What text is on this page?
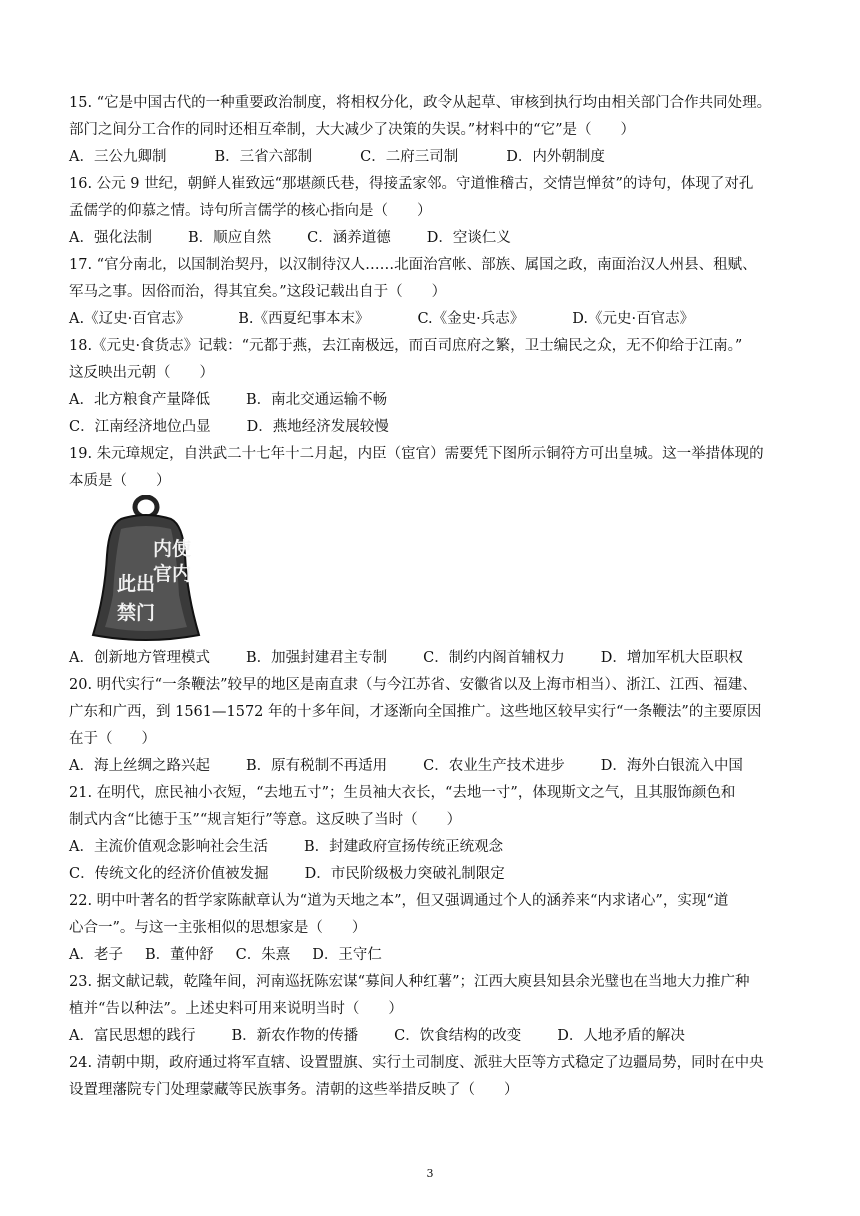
15. “它是中国古代的一种重要政治制度，将相权分化，政令从起草、审核到执行均由相关部门合作共同处理。
部门之间分工合作的同时还相互牵制，大大减少了决策的失误。”材料中的“它”是（　　）
A．三公九卿制	B．三省六部制	C．二府三司制	D．内外朝制度
16. 公元 9 世纪，朝鲜人崔致远“那堪颜氏巷，得接孟家邻。守道惟稽古，交情岂惮贫”的诗句，体现了对孔
孟儒学的仰慕之情。诗句所言儒学的核心指向是（　　）
A．强化法制 B．顺应自然 C．涵养道德 D．空谈仁义
17. “官分南北，以国制治契丹，以汉制待汉人……北面治宫帐、部族、属国之政，南面治汉人州县、租赋、
军马之事。因俗而治，得其宜矣。”这段记载出自于（　　）
A.《辽史·百官志》	B.《西夏纪事本末》	C.《金史·兵志》	D.《元史·百官志》
18.《元史·食货志》记载：“元都于燕，去江南极远，而百司庶府之繁，卫士编民之众，无不仰给于江南。”
这反映出元朝（　　）
A．北方粮食产量降低 B．南北交通运输不畅
C．江南经济地位凸显 D．燕地经济发展较慢
19. 朱元璋规定，自洪武二十七年十二月起，内臣（宦官）需要凭下图所示铜符方可出皇城。这一举措体现的
本质是（　　）
内使
官内
此出
禁门
A．创新地方管理模式 B．加强封建君主专制 C．制约内阁首辅权力 D．增加军机大臣职权
20. 明代实行“一条鞭法”较早的地区是南直隶（与今江苏省、安徽省以及上海市相当）、浙江、江西、福建、
广东和广西，到 1561—1572 年的十多年间，才逐渐向全国推广。这些地区较早实行“一条鞭法”的主要原因
在于（　　）
A．海上丝绸之路兴起 B．原有税制不再适用 C．农业生产技术进步 D．海外白银流入中国
21. 在明代，庶民袖小衣短，“去地五寸”；生员袖大衣长，“去地一寸”，体现斯文之气，且其服饰颜色和
制式内含“比德于玉”“规言矩行”等意。这反映了当时（　　）
A．主流价值观念影响社会生活 B．封建政府宣扬传统正统观念
C．传统文化的经济价值被发掘 D．市民阶级极力突破礼制限定
22. 明中叶著名的哲学家陈献章认为“道为天地之本”，但又强调通过个人的涵养来“内求诸心”，实现“道
心合一”。与这一主张相似的思想家是（　　）
A．老子 B．董仲舒 C．朱熹 D．王守仁
23. 据文献记载，乾隆年间，河南巡抚陈宏谋“募间人种红薯”；江西大庾县知县余光璧也在当地大力推广种
植并“告以种法”。上述史料可用来说明当时（　　）
A．富民思想的践行 B．新农作物的传播 C．饮食结构的改变 D．人地矛盾的解决
24. 清朝中期，政府通过将军直辖、设置盟旗、实行土司制度、派驻大臣等方式稳定了边疆局势，同时在中央
设置理藩院专门处理蒙藏等民族事务。清朝的这些举措反映了（　　）
3
